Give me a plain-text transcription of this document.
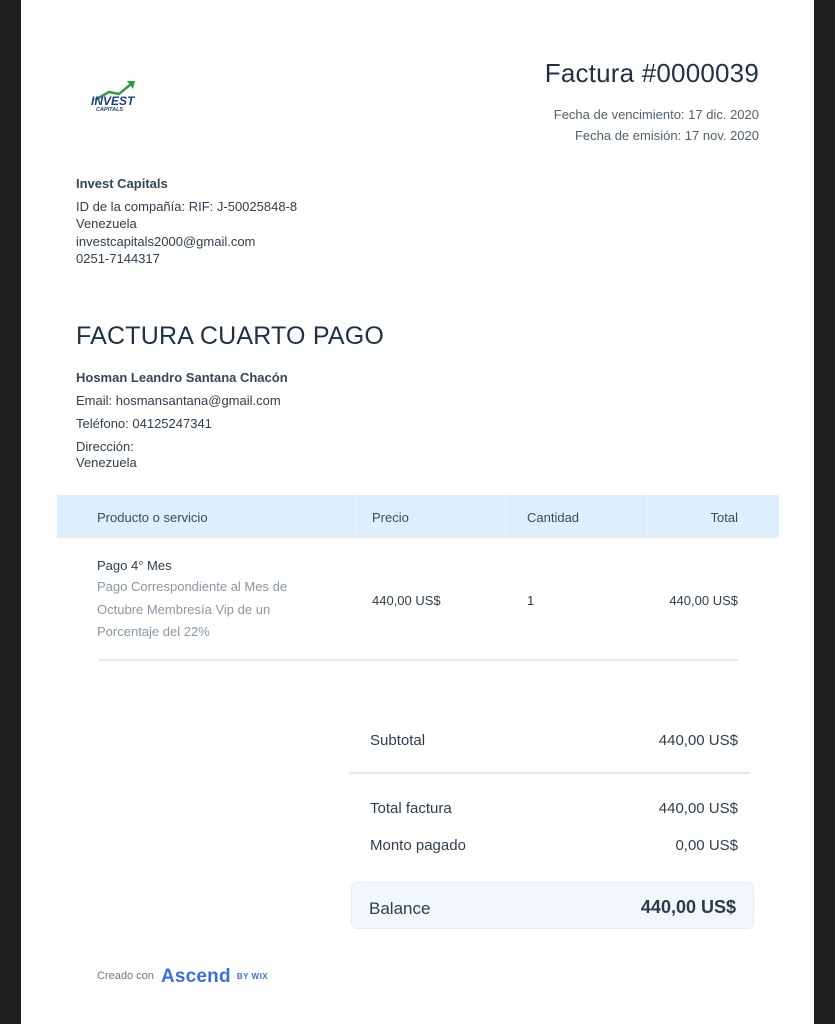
INVEST
CAPITALS
Factura #0000039
Fecha de vencimiento: 17 dic. 2020
Fecha de emisión: 17 nov. 2020
Invest Capitals
ID de la compañía: RIF: J-50025848-8
Venezuela
investcapitals2000@gmail.com
0251-7144317
FACTURA CUARTO PAGO
Hosman Leandro Santana Chacón
Email: hosmansantana@gmail.com
Teléfono: 04125247341
Dirección:
Venezuela
Producto o servicio	Precio	Cantidad	Total
Pago 4° Mes
Pago Correspondiente al Mes de Octubre Membresía Vip de un Porcentaje del 22%
440,00 US$	1	440,00 US$
Subtotal	440,00 US$
Total factura	440,00 US$
Monto pagado	0,00 US$
Balance	440,00 US$
Creado con Ascend BY WIX
